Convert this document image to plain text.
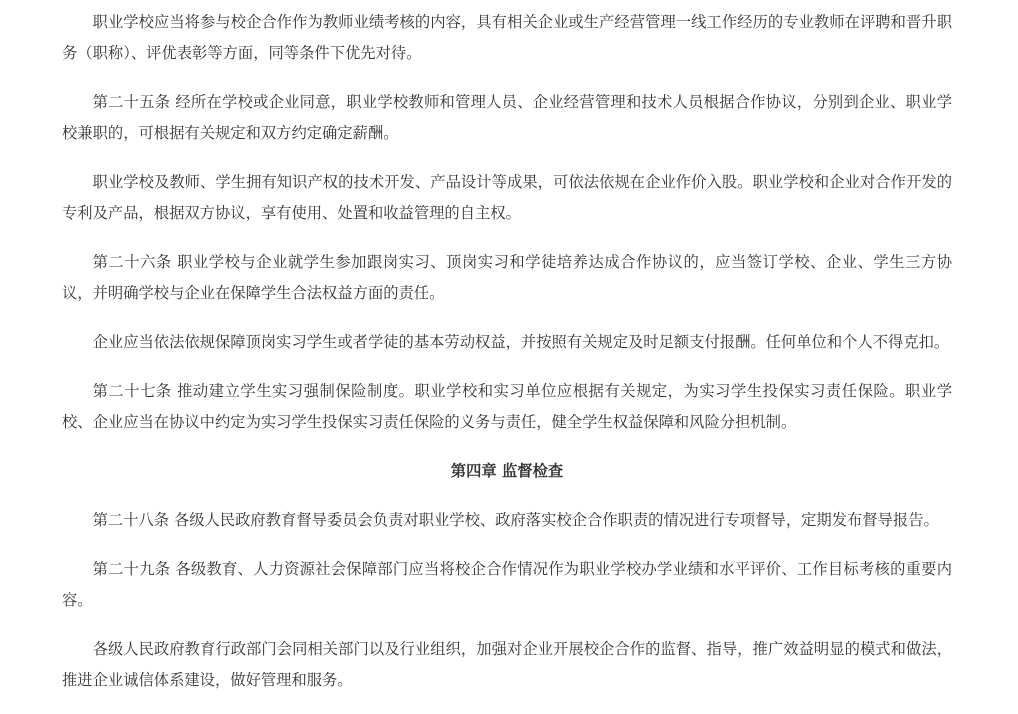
职业学校应当将参与校企合作作为教师业绩考核的内容，具有相关企业或生产经营管理一线工作经历的专业教师在评聘和晋升职务（职称）、评优表彰等方面，同等条件下优先对待。

第二十五条 经所在学校或企业同意，职业学校教师和管理人员、企业经营管理和技术人员根据合作协议，分别到企业、职业学校兼职的，可根据有关规定和双方约定确定薪酬。

职业学校及教师、学生拥有知识产权的技术开发、产品设计等成果，可依法依规在企业作价入股。职业学校和企业对合作开发的专利及产品，根据双方协议，享有使用、处置和收益管理的自主权。

第二十六条 职业学校与企业就学生参加跟岗实习、顶岗实习和学徒培养达成合作协议的，应当签订学校、企业、学生三方协议，并明确学校与企业在保障学生合法权益方面的责任。

企业应当依法依规保障顶岗实习学生或者学徒的基本劳动权益，并按照有关规定及时足额支付报酬。任何单位和个人不得克扣。

第二十七条 推动建立学生实习强制保险制度。职业学校和实习单位应根据有关规定，为实习学生投保实习责任保险。职业学校、企业应当在协议中约定为实习学生投保实习责任保险的义务与责任，健全学生权益保障和风险分担机制。

第四章 监督检查

第二十八条 各级人民政府教育督导委员会负责对职业学校、政府落实校企合作职责的情况进行专项督导，定期发布督导报告。

第二十九条 各级教育、人力资源社会保障部门应当将校企合作情况作为职业学校办学业绩和水平评价、工作目标考核的重要内容。

各级人民政府教育行政部门会同相关部门以及行业组织，加强对企业开展校企合作的监督、指导，推广效益明显的模式和做法，推进企业诚信体系建设，做好管理和服务。
